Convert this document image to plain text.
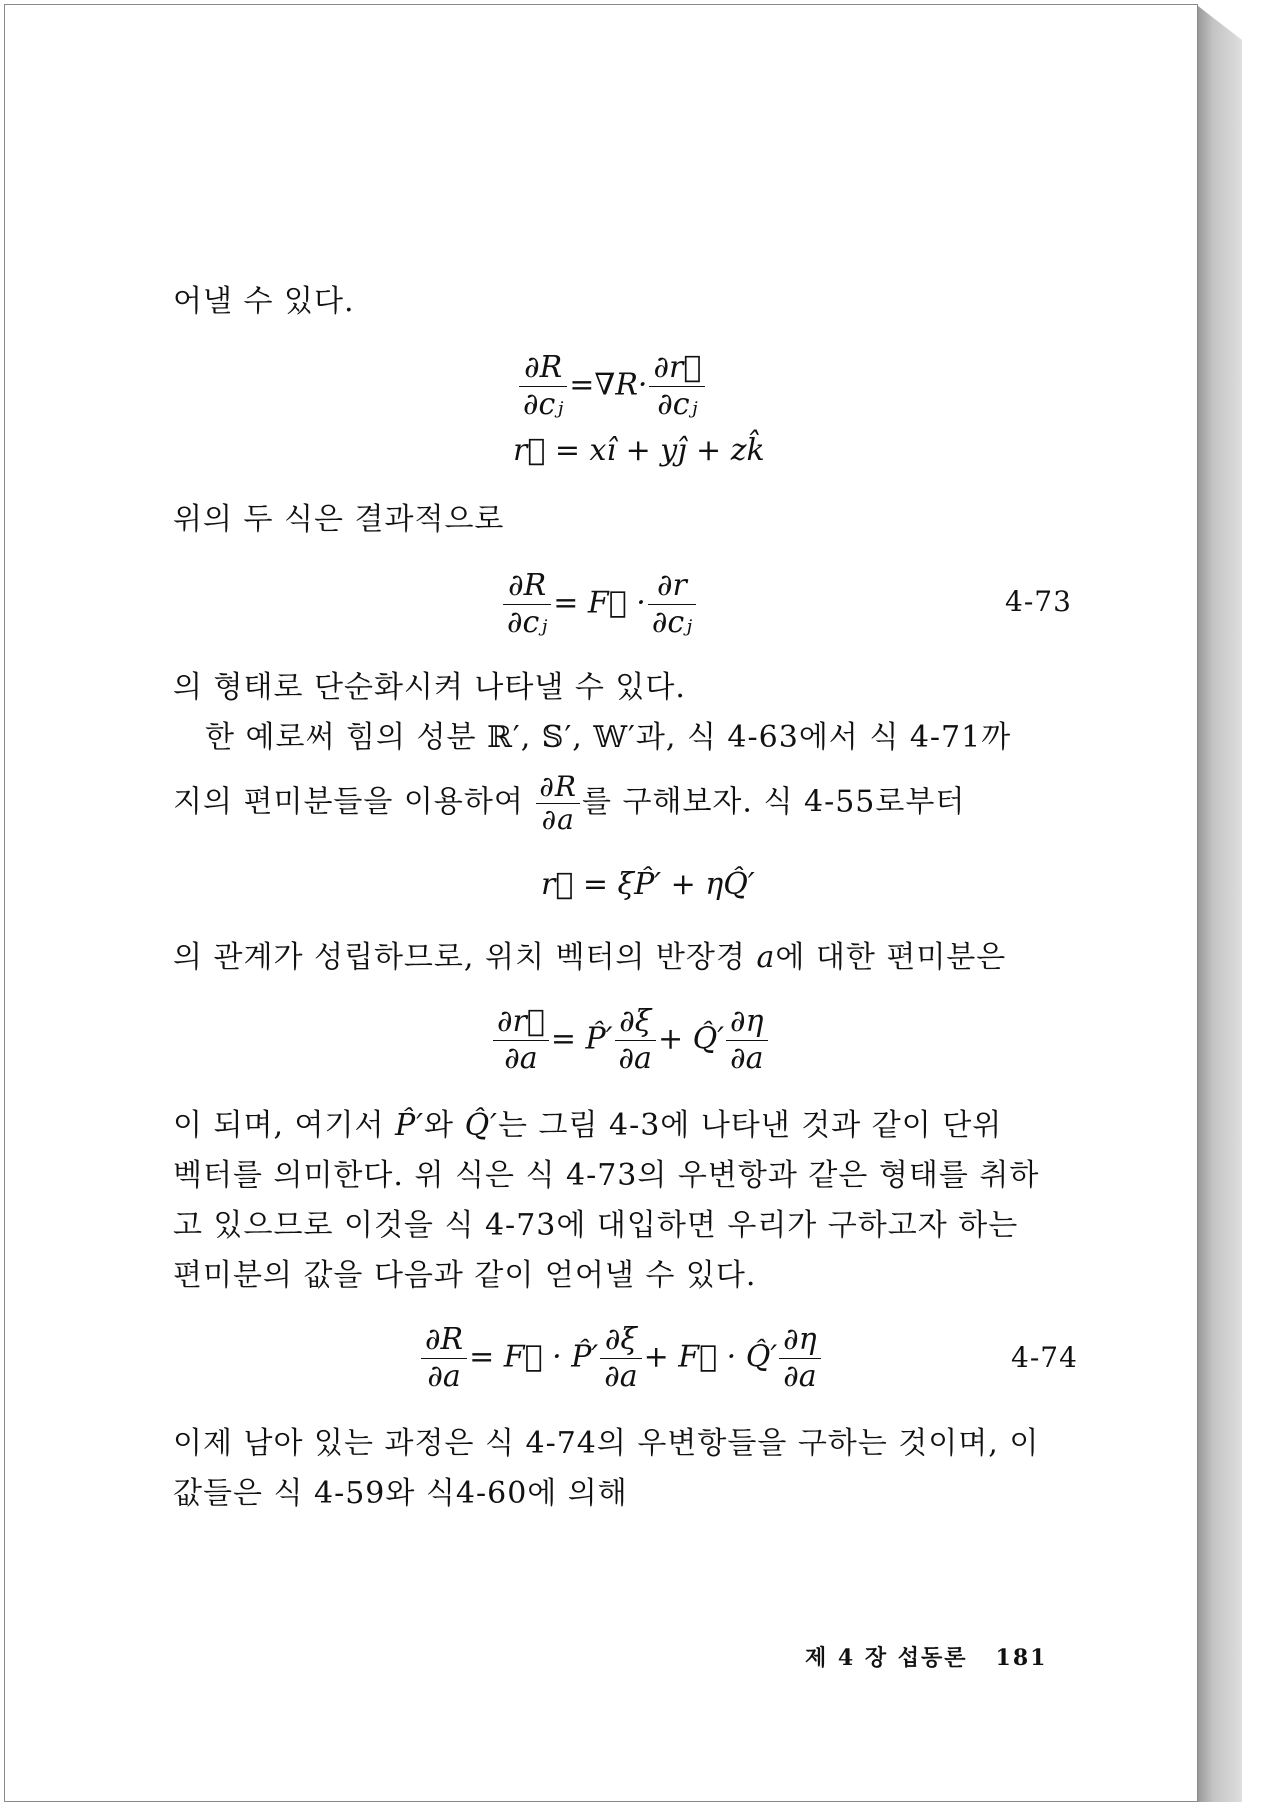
어낼 수 있다.
$\frac{\partial R}{\text{∂cⱼ}} =\nabla R\cdot \frac{\partial r⃗}{\text{∂cⱼ}}$
r⃗ = xî + yĵ + zk̂
위의 두 식은 결과적으로
$\frac{\partial R}{\text{∂cⱼ}}$ = F⃗ · $\frac{\partial r}{\text{∂cⱼ}}$	4-73
의 형태로 단순화시켜 나타낼 수 있다.
한 예로써 힘의 성분 ℝ′, 𝕊′, 𝕎′과, 식 4-63에서 식 4-71까
지의 편미분들을 이용하여 $\frac{\partial R}{\partial a}$ 를 구해보자. 식 4-55로부터
r⃗ = ξP̂′ + ηQ̂′
의 관계가 성립하므로, 위치 벡터의 반장경 a에 대한 편미분은
$\frac{\partial r⃗}{\partial a}$ = P̂′ $\frac{\partial\xi}{\partial a}$ + Q̂′ $\frac{\partial\eta}{\partial a}$
이 되며, 여기서 P̂′와 Q̂′는 그림 4-3에 나타낸 것과 같이 단위
벡터를 의미한다. 위 식은 식 4-73의 우변항과 같은 형태를 취하
고 있으므로 이것을 식 4-73에 대입하면 우리가 구하고자 하는
편미분의 값을 다음과 같이 얻어낼 수 있다.
$\frac{\partial R}{\partial a}$ = F⃗ · P̂′ $\frac{\partial\xi}{\partial a}$ + F⃗ · Q̂′ $\frac{\partial\eta}{\partial a}$	4-74
이제 남아 있는 과정은 식 4-74의 우변항들을 구하는 것이며, 이
값들은 식 4-59와 식4-60에 의해
제 4 장 섭동론 181
